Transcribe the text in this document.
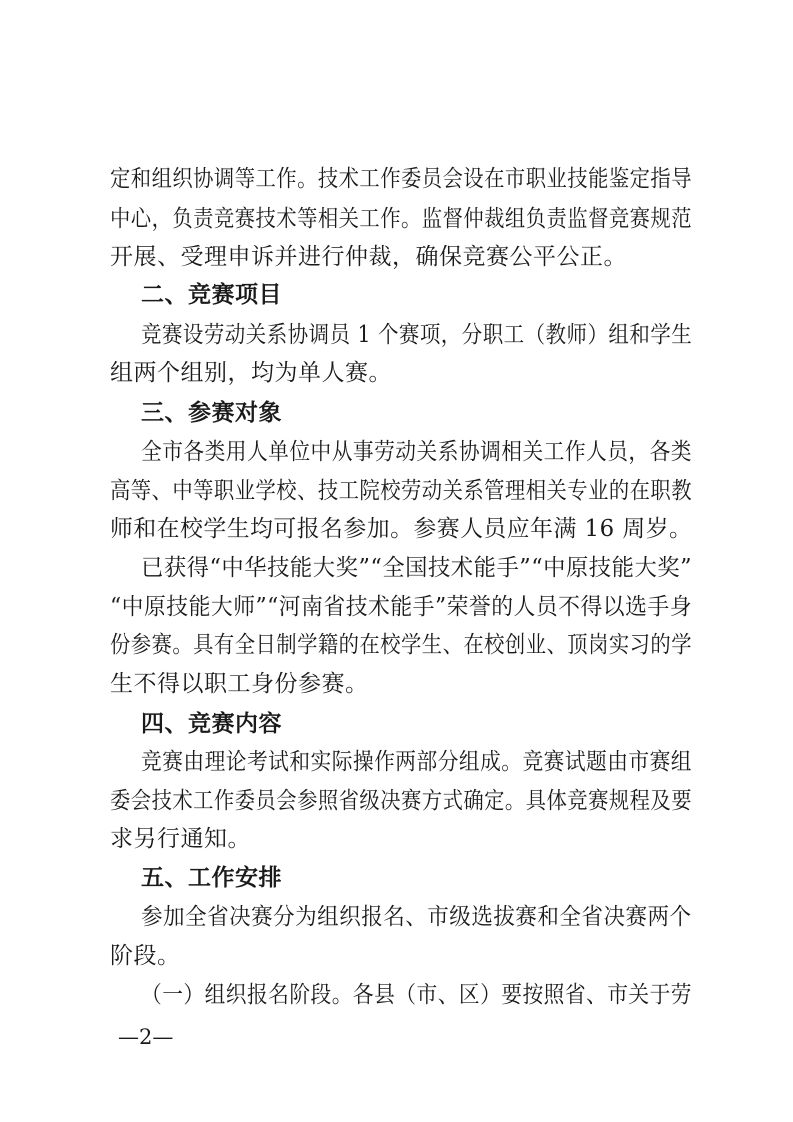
定和组织协调等工作。技术工作委员会设在市职业技能鉴定指导
中心，负责竞赛技术等相关工作。监督仲裁组负责监督竞赛规范
开展、受理申诉并进行仲裁，确保竞赛公平公正。
二、竞赛项目
竞赛设劳动关系协调员 1 个赛项，分职工（教师）组和学生
组两个组别，均为单人赛。
三、参赛对象
全市各类用人单位中从事劳动关系协调相关工作人员，各类
高等、中等职业学校、技工院校劳动关系管理相关专业的在职教
师和在校学生均可报名参加。参赛人员应年满 16 周岁。
已获得“中华技能大奖”“全国技术能手”“中原技能大奖”
“中原技能大师”“河南省技术能手”荣誉的人员不得以选手身
份参赛。具有全日制学籍的在校学生、在校创业、顶岗实习的学
生不得以职工身份参赛。
四、竞赛内容
竞赛由理论考试和实际操作两部分组成。竞赛试题由市赛组
委会技术工作委员会参照省级决赛方式确定。具体竞赛规程及要
求另行通知。
五、工作安排
参加全省决赛分为组织报名、市级选拔赛和全省决赛两个
阶段。
（一）组织报名阶段。各县（市、区）要按照省、市关于劳
—2—
